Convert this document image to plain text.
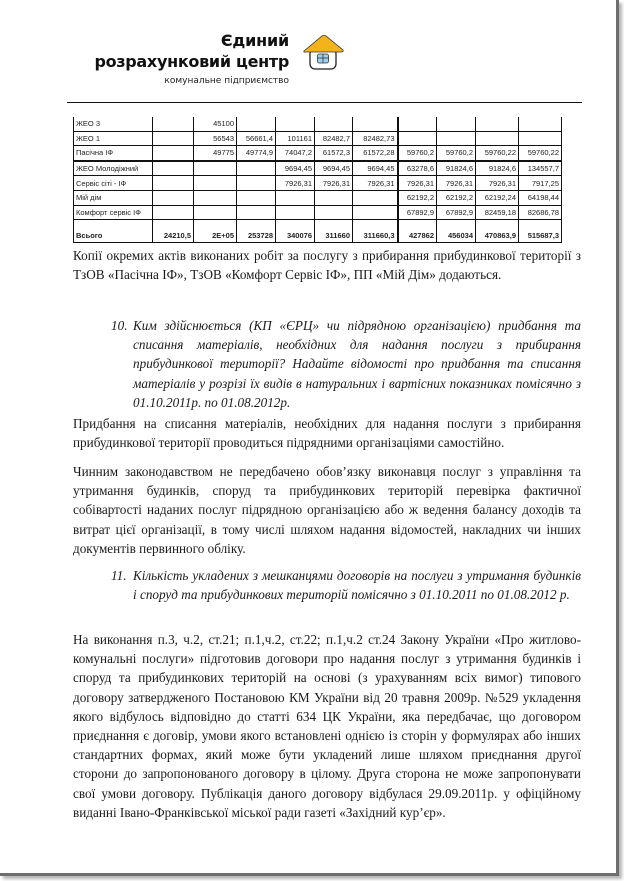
Єдиний
розрахунковий центр
комунальне підприємство
ЖЕО 3		45100								
ЖЕО 1		56543	56661,4	101161	82482,7	82482,73				
Пасічна ІФ		49775	49774,9	74047,2	61572,3	61572,28	59760,2	59760,2	59760,22	59760,22
ЖЕО Молодіжний				9694,45	9694,45	9694,45	63278,6	91824,6	91824,6	134557,7
Сервіс сіті - ІФ				7926,31	7926,31	7926,31	7926,31	7926,31	7926,31	7917,25
Мій дім							62192,2	62192,2	62192,24	64198,44
Комфорт сервіс ІФ							67892,9	67892,9	82459,18	82686,78
Всього	24210,5	2E+05	253728	340076	311660	311660,3	427862	456034	470863,9	515687,3

Копії окремих актів виконаних робіт за послугу з прибирання прибудинкової території з ТзОВ «Пасічна ІФ», ТзОВ «Комфорт Сервіс ІФ», ПП «Мій Дім» додаються.

10. Ким здійснюється (КП «ЄРЦ» чи підрядною організацією) придбання та списання матеріалів, необхідних для надання послуги з прибирання прибудинкової території? Надайте відомості про придбання та списання матеріалів у розрізі їх видів в натуральних і вартісних показниках помісячно з 01.10.2011р. по 01.08.2012р.

Придбання на списання матеріалів, необхідних для надання послуги з прибирання прибудинкової території проводиться підрядними організаціями самостійно.

Чинним законодавством не передбачено обов’язку виконавця послуг з управління та утримання будинків, споруд та прибудинкових територій перевірка фактичної собівартості наданих послуг підрядною організацією або ж ведення балансу доходів та витрат цієї організації, в тому числі шляхом надання відомостей, накладних чи інших документів первинного обліку.

11. Кількість укладених з мешканцями договорів на послуги з утримання будинків і споруд та прибудинкових територій помісячно з 01.10.2011 по 01.08.2012 р.

На виконання п.3, ч.2, ст.21; п.1,ч.2, ст.22; п.1,ч.2 ст.24 Закону України «Про житлово-комунальні послуги» підготовив договори про надання послуг з утримання будинків і споруд та прибудинкових територій на основі (з урахуванням всіх вимог) типового договору затвердженого Постановою КМ України від 20 травня 2009р. №529 укладення якого відбулось відповідно до статті 634 ЦК України, яка передбачає, що договором приєднання є договір, умови якого встановлені однією із сторін у формулярах або інших стандартних формах, який може бути укладений лише шляхом приєднання другої сторони до запропонованого договору в цілому. Друга сторона не може запропонувати свої умови договору. Публікація даного договору відбулася 29.09.2011р. у офіційному виданні Івано-Франківської міської ради газеті «Західний кур’єр».
